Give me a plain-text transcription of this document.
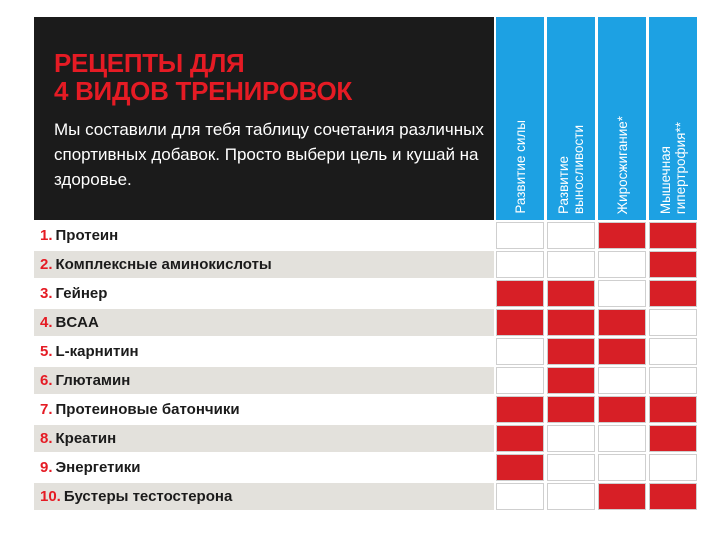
РЕЦЕПТЫ ДЛЯ
4 ВИДОВ ТРЕНИРОВОК
Мы составили для тебя таблицу сочетания различных спортивных добавок. Просто выбери цель и кушай на здоровье.	Развитие силы Развитие
выносливости Жиросжигание* Мышечная
гипертрофия**
1. Протеин
2. Комплексные аминокислоты
3. Гейнер
4. BCAA
5. L-карнитин
6. Глютамин
7. Протеиновые батончики
8. Креатин
9. Энергетики
10. Бустеры тестостерона
